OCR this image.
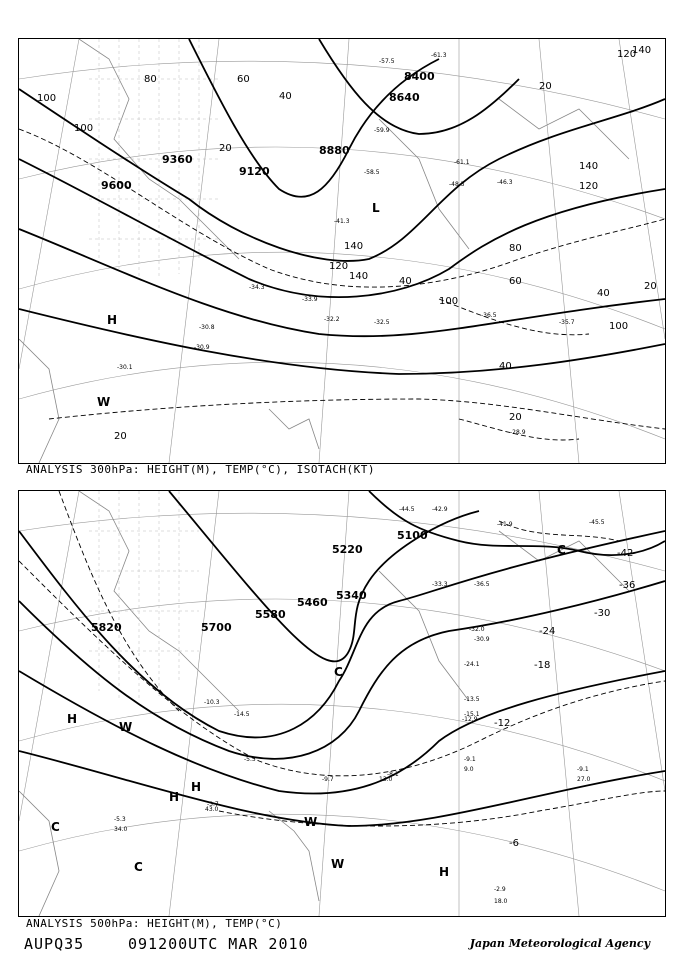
9360
9120
8880
8640
8400
9600
100
100
60
80
40
20
20
120
140
140
120
80
60
40
20
100
40
20
20
40
100
120
140
140
-61.3
-57.5
-59.9
-58.5
-61.1
-48.5	-46.3
-41.3
-36.5
-33.9
-32.2
-30.9
-30.1
-28.9
-35.7
-32.5
-34.3
-30.8
H
W
L
ANALYSIS 300hPa: HEIGHT(M), TEMP(°C), ISOTACH(KT)
5100
5220
5340
5460
5580
5700
5820
-42
-36
-30
-24
-18
-12
-6
-44.5	-42.9
-41.9	-45.5
-33.3	-36.5
-32.0
-30.9
-24.1
-13.5
-15.1
-12.9
-9.1
-9.1
-8.1
-9.7
-5.5
-3.7
-5.3
-10.3
-14.5
-2.9
9.0
27.0
18.0
13.0
43.0
34.0
H
H
H
H
W
W
W
C
C
C
C
ANALYSIS 500hPa: HEIGHT(M), TEMP(°C)
AUPQ35	091200UTC MAR 2010	Japan Meteorological Agency
